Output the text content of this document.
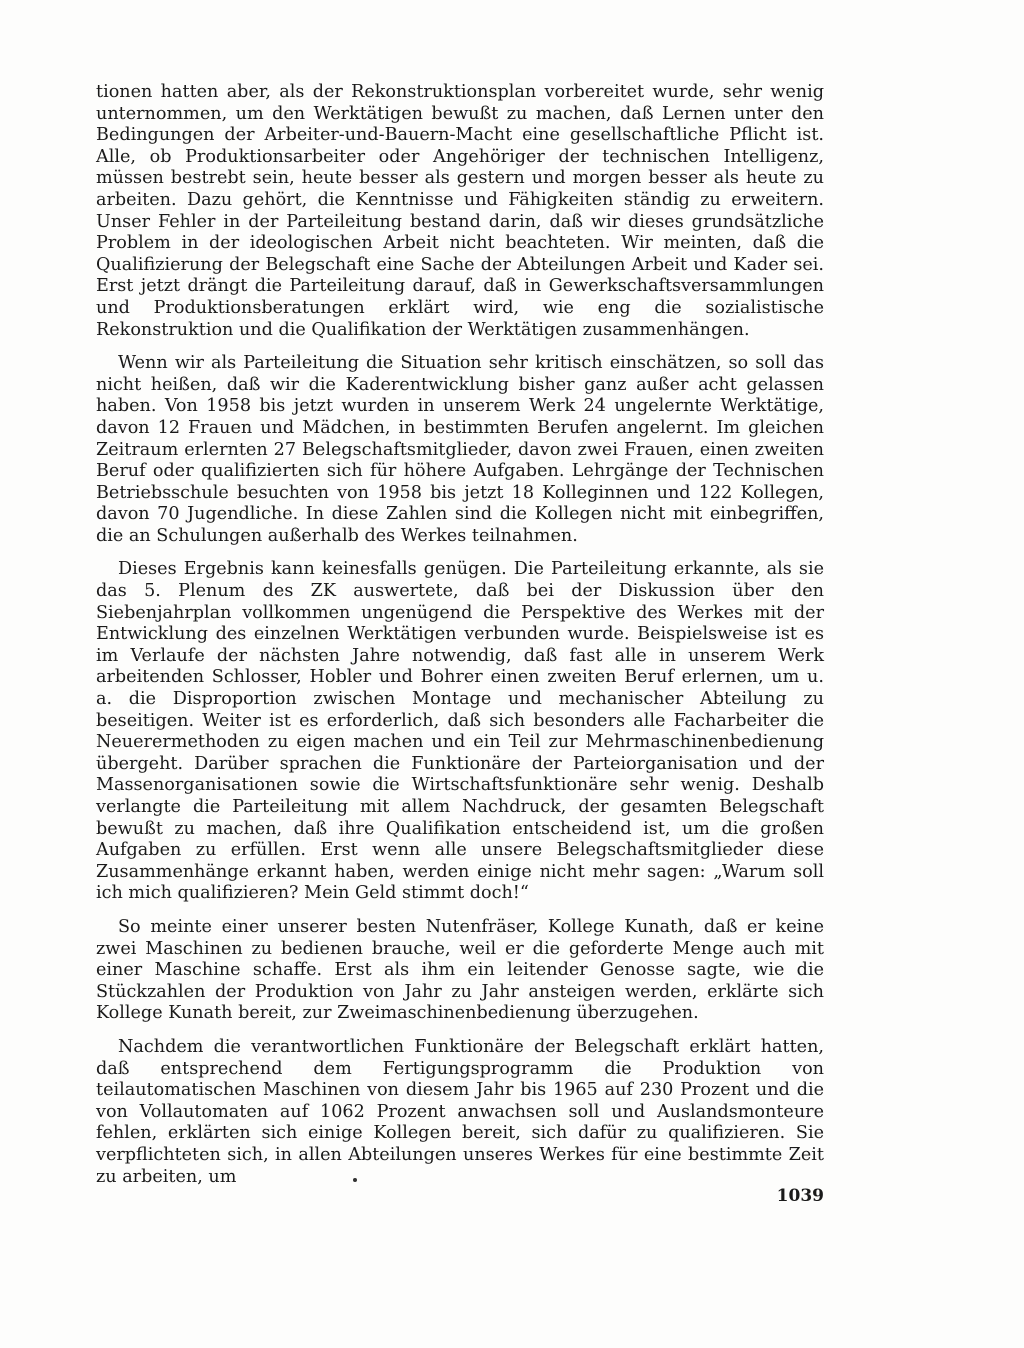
tionen hatten aber, als der Rekonstruktionsplan vorbereitet wurde, sehr wenig unternommen, um den Werktätigen bewußt zu machen, daß Lernen unter den Bedingungen der Arbeiter-und-Bauern-Macht eine gesellschaftliche Pflicht ist. Alle, ob Produktionsarbeiter oder Angehöriger der technischen Intelligenz, müssen bestrebt sein, heute besser als gestern und morgen besser als heute zu arbeiten. Dazu gehört, die Kenntnisse und Fähigkeiten ständig zu erweitern. Unser Fehler in der Parteileitung bestand darin, daß wir dieses grundsätzliche Problem in der ideologischen Arbeit nicht beachteten. Wir meinten, daß die Qualifizierung der Belegschaft eine Sache der Abteilungen Arbeit und Kader sei. Erst jetzt drängt die Parteileitung darauf, daß in Gewerkschaftsversammlungen und Produktionsberatungen erklärt wird, wie eng die sozialistische Rekonstruktion und die Qualifikation der Werktätigen zusammenhängen.

Wenn wir als Parteileitung die Situation sehr kritisch einschätzen, so soll das nicht heißen, daß wir die Kaderentwicklung bisher ganz außer acht gelassen haben. Von 1958 bis jetzt wurden in unserem Werk 24 ungelernte Werktätige, davon 12 Frauen und Mädchen, in bestimmten Berufen angelernt. Im gleichen Zeitraum erlernten 27 Belegschaftsmitglieder, davon zwei Frauen, einen zweiten Beruf oder qualifizierten sich für höhere Aufgaben. Lehrgänge der Technischen Betriebsschule besuchten von 1958 bis jetzt 18 Kolleginnen und 122 Kollegen, davon 70 Jugendliche. In diese Zahlen sind die Kollegen nicht mit einbegriffen, die an Schulungen außerhalb des Werkes teilnahmen.

Dieses Ergebnis kann keinesfalls genügen. Die Parteileitung erkannte, als sie das 5. Plenum des ZK auswertete, daß bei der Diskussion über den Siebenjahrplan vollkommen ungenügend die Perspektive des Werkes mit der Entwicklung des einzelnen Werktätigen verbunden wurde. Beispielsweise ist es im Verlaufe der nächsten Jahre notwendig, daß fast alle in unserem Werk arbeitenden Schlosser, Hobler und Bohrer einen zweiten Beruf erlernen, um u. a. die Disproportion zwischen Montage und mechanischer Abteilung zu beseitigen. Weiter ist es erforderlich, daß sich besonders alle Facharbeiter die Neuerermethoden zu eigen machen und ein Teil zur Mehrmaschinenbedienung übergeht. Darüber sprachen die Funktionäre der Parteiorganisation und der Massenorganisationen sowie die Wirtschaftsfunktionäre sehr wenig. Deshalb verlangte die Parteileitung mit allem Nachdruck, der gesamten Belegschaft bewußt zu machen, daß ihre Qualifikation entscheidend ist, um die großen Aufgaben zu erfüllen. Erst wenn alle unsere Belegschaftsmitglieder diese Zusammenhänge erkannt haben, werden einige nicht mehr sagen: „Warum soll ich mich qualifizieren? Mein Geld stimmt doch!“

So meinte einer unserer besten Nutenfräser, Kollege Kunath, daß er keine zwei Maschinen zu bedienen brauche, weil er die geforderte Menge auch mit einer Maschine schaffe. Erst als ihm ein leitender Genosse sagte, wie die Stückzahlen der Produktion von Jahr zu Jahr ansteigen werden, erklärte sich Kollege Kunath bereit, zur Zweimaschinenbedienung überzugehen.

Nachdem die verantwortlichen Funktionäre der Belegschaft erklärt hatten, daß entsprechend dem Fertigungsprogramm die Produktion von teilautomatischen Maschinen von diesem Jahr bis 1965 auf 230 Prozent und die von Vollautomaten auf 1062 Prozent anwachsen soll und Auslandsmonteure fehlen, erklärten sich einige Kollegen bereit, sich dafür zu qualifizieren. Sie verpflichteten sich, in allen Abteilungen unseres Werkes für eine bestimmte Zeit zu arbeiten, um

1039
